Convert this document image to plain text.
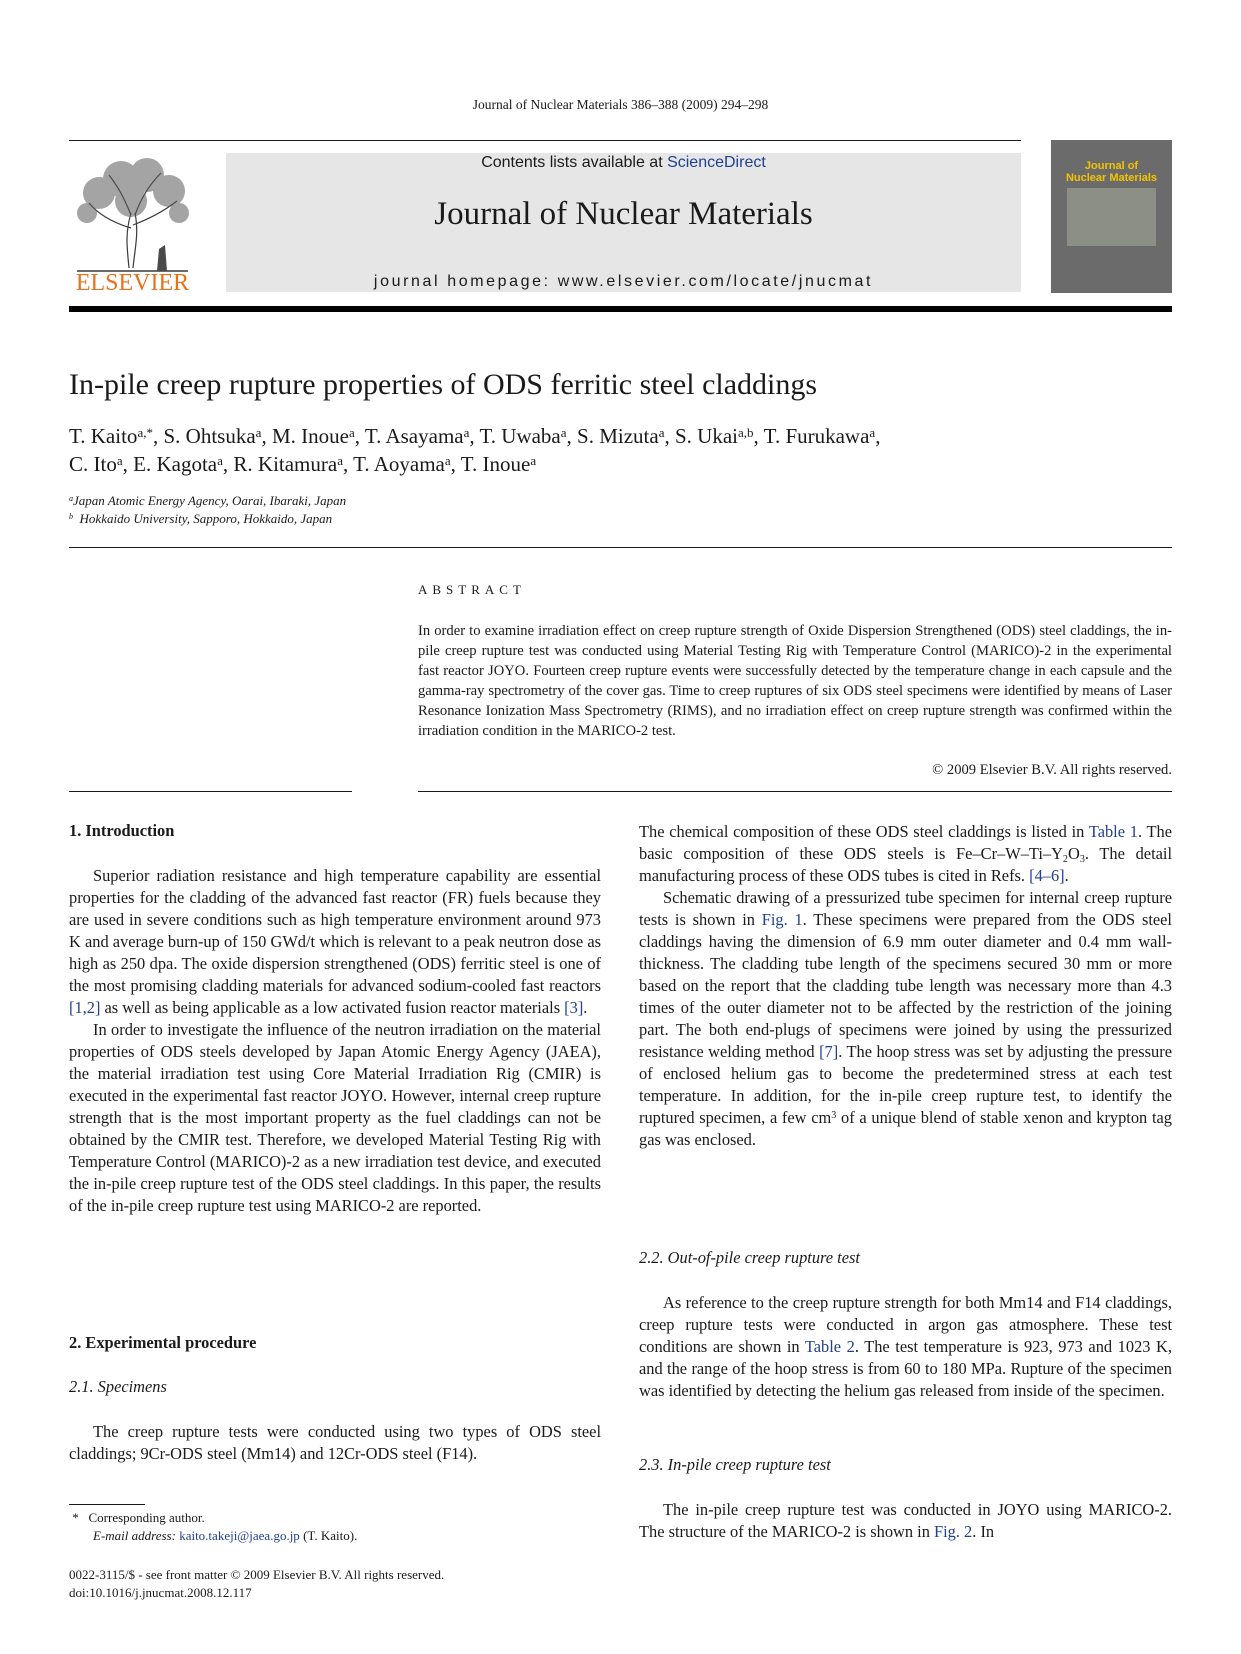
Journal of Nuclear Materials 386–388 (2009) 294–298
ELSEVIER
Contents lists available at ScienceDirect
Journal of Nuclear Materials
journal homepage: www.elsevier.com/locate/jnucmat
Journal of
Nuclear Materials
In-pile creep rupture properties of ODS ferritic steel claddings
T. Kaito$^{a,*}$, S. Ohtsuka$^a$, M. Inoue$^a$, T. Asayama$^a$, T. Uwaba$^a$, S. Mizuta$^a$, S. Ukai$^{a,b}$, T. Furukawa$^a$,
C. Ito$^a$, E. Kagota$^a$, R. Kitamura$^a$, T. Aoyama$^a$, T. Inoue$^a$
$^a$Japan Atomic Energy Agency, Oarai, Ibaraki, Japan
$^b$ Hokkaido University, Sapporo, Hokkaido, Japan
ABSTRACT
In order to examine irradiation effect on creep rupture strength of Oxide Dispersion Strengthened (ODS) steel claddings, the in-pile creep rupture test was conducted using Material Testing Rig with Temperature Control (MARICO)-2 in the experimental fast reactor JOYO. Fourteen creep rupture events were successfully detected by the temperature change in each capsule and the gamma-ray spectrometry of the cover gas. Time to creep ruptures of six ODS steel specimens were identified by means of Laser Resonance Ionization Mass Spectrometry (RIMS), and no irradiation effect on creep rupture strength was confirmed within the irradiation condition in the MARICO-2 test.
© 2009 Elsevier B.V. All rights reserved.
1. Introduction

Superior radiation resistance and high temperature capability are essential properties for the cladding of the advanced fast reactor (FR) fuels because they are used in severe conditions such as high temperature environment around 973 K and average burn-up of 150 GWd/t which is relevant to a peak neutron dose as high as 250 dpa. The oxide dispersion strengthened (ODS) ferritic steel is one of the most promising cladding materials for advanced sodium-cooled fast reactors [1,2] as well as being applicable as a low activated fusion reactor materials [3].

In order to investigate the influence of the neutron irradiation on the material properties of ODS steels developed by Japan Atomic Energy Agency (JAEA), the material irradiation test using Core Material Irradiation Rig (CMIR) is executed in the experimental fast reactor JOYO. However, internal creep rupture strength that is the most important property as the fuel claddings can not be obtained by the CMIR test. Therefore, we developed Material Testing Rig with Temperature Control (MARICO)-2 as a new irradiation test device, and executed the in-pile creep rupture test of the ODS steel claddings. In this paper, the results of the in-pile creep rupture test using MARICO-2 are reported.

2. Experimental procedure
2.1. Specimens

The creep rupture tests were conducted using two types of ODS steel claddings; 9Cr-ODS steel (Mm14) and 12Cr-ODS steel (F14).

The chemical composition of these ODS steel claddings is listed in Table 1. The basic composition of these ODS steels is $Fe-Cr-W-Ti-Y_2O_3$. The detail manufacturing process of these ODS tubes is cited in Refs. [4–6].

Schematic drawing of a pressurized tube specimen for internal creep rupture tests is shown in Fig. 1. These specimens were prepared from the ODS steel claddings having the dimension of 6.9 mm outer diameter and 0.4 mm wall-thickness. The cladding tube length of the specimens secured 30 mm or more based on the report that the cladding tube length was necessary more than 4.3 times of the outer diameter not to be affected by the restriction of the joining part. The both end-plugs of specimens were joined by using the pressurized resistance welding method [7]. The hoop stress was set by adjusting the pressure of enclosed helium gas to become the predetermined stress at each test temperature. In addition, for the in-pile creep rupture test, to identify the ruptured specimen, a few $cm^3$ of a unique blend of stable xenon and krypton tag gas was enclosed.

2.2. Out-of-pile creep rupture test

As reference to the creep rupture strength for both Mm14 and F14 claddings, creep rupture tests were conducted in argon gas atmosphere. These test conditions are shown in Table 2. The test temperature is 923, 973 and 1023 K, and the range of the hoop stress is from 60 to 180 MPa. Rupture of the specimen was identified by detecting the helium gas released from inside of the specimen.

2.3. In-pile creep rupture test

The in-pile creep rupture test was conducted in JOYO using MARICO-2. The structure of the MARICO-2 is shown in Fig. 2. In

* Corresponding author.
E-mail address: kaito.takeji@jaea.go.jp (T. Kaito).
0022-3115/$ - see front matter © 2009 Elsevier B.V. All rights reserved.
doi:10.1016/j.jnucmat.2008.12.117
